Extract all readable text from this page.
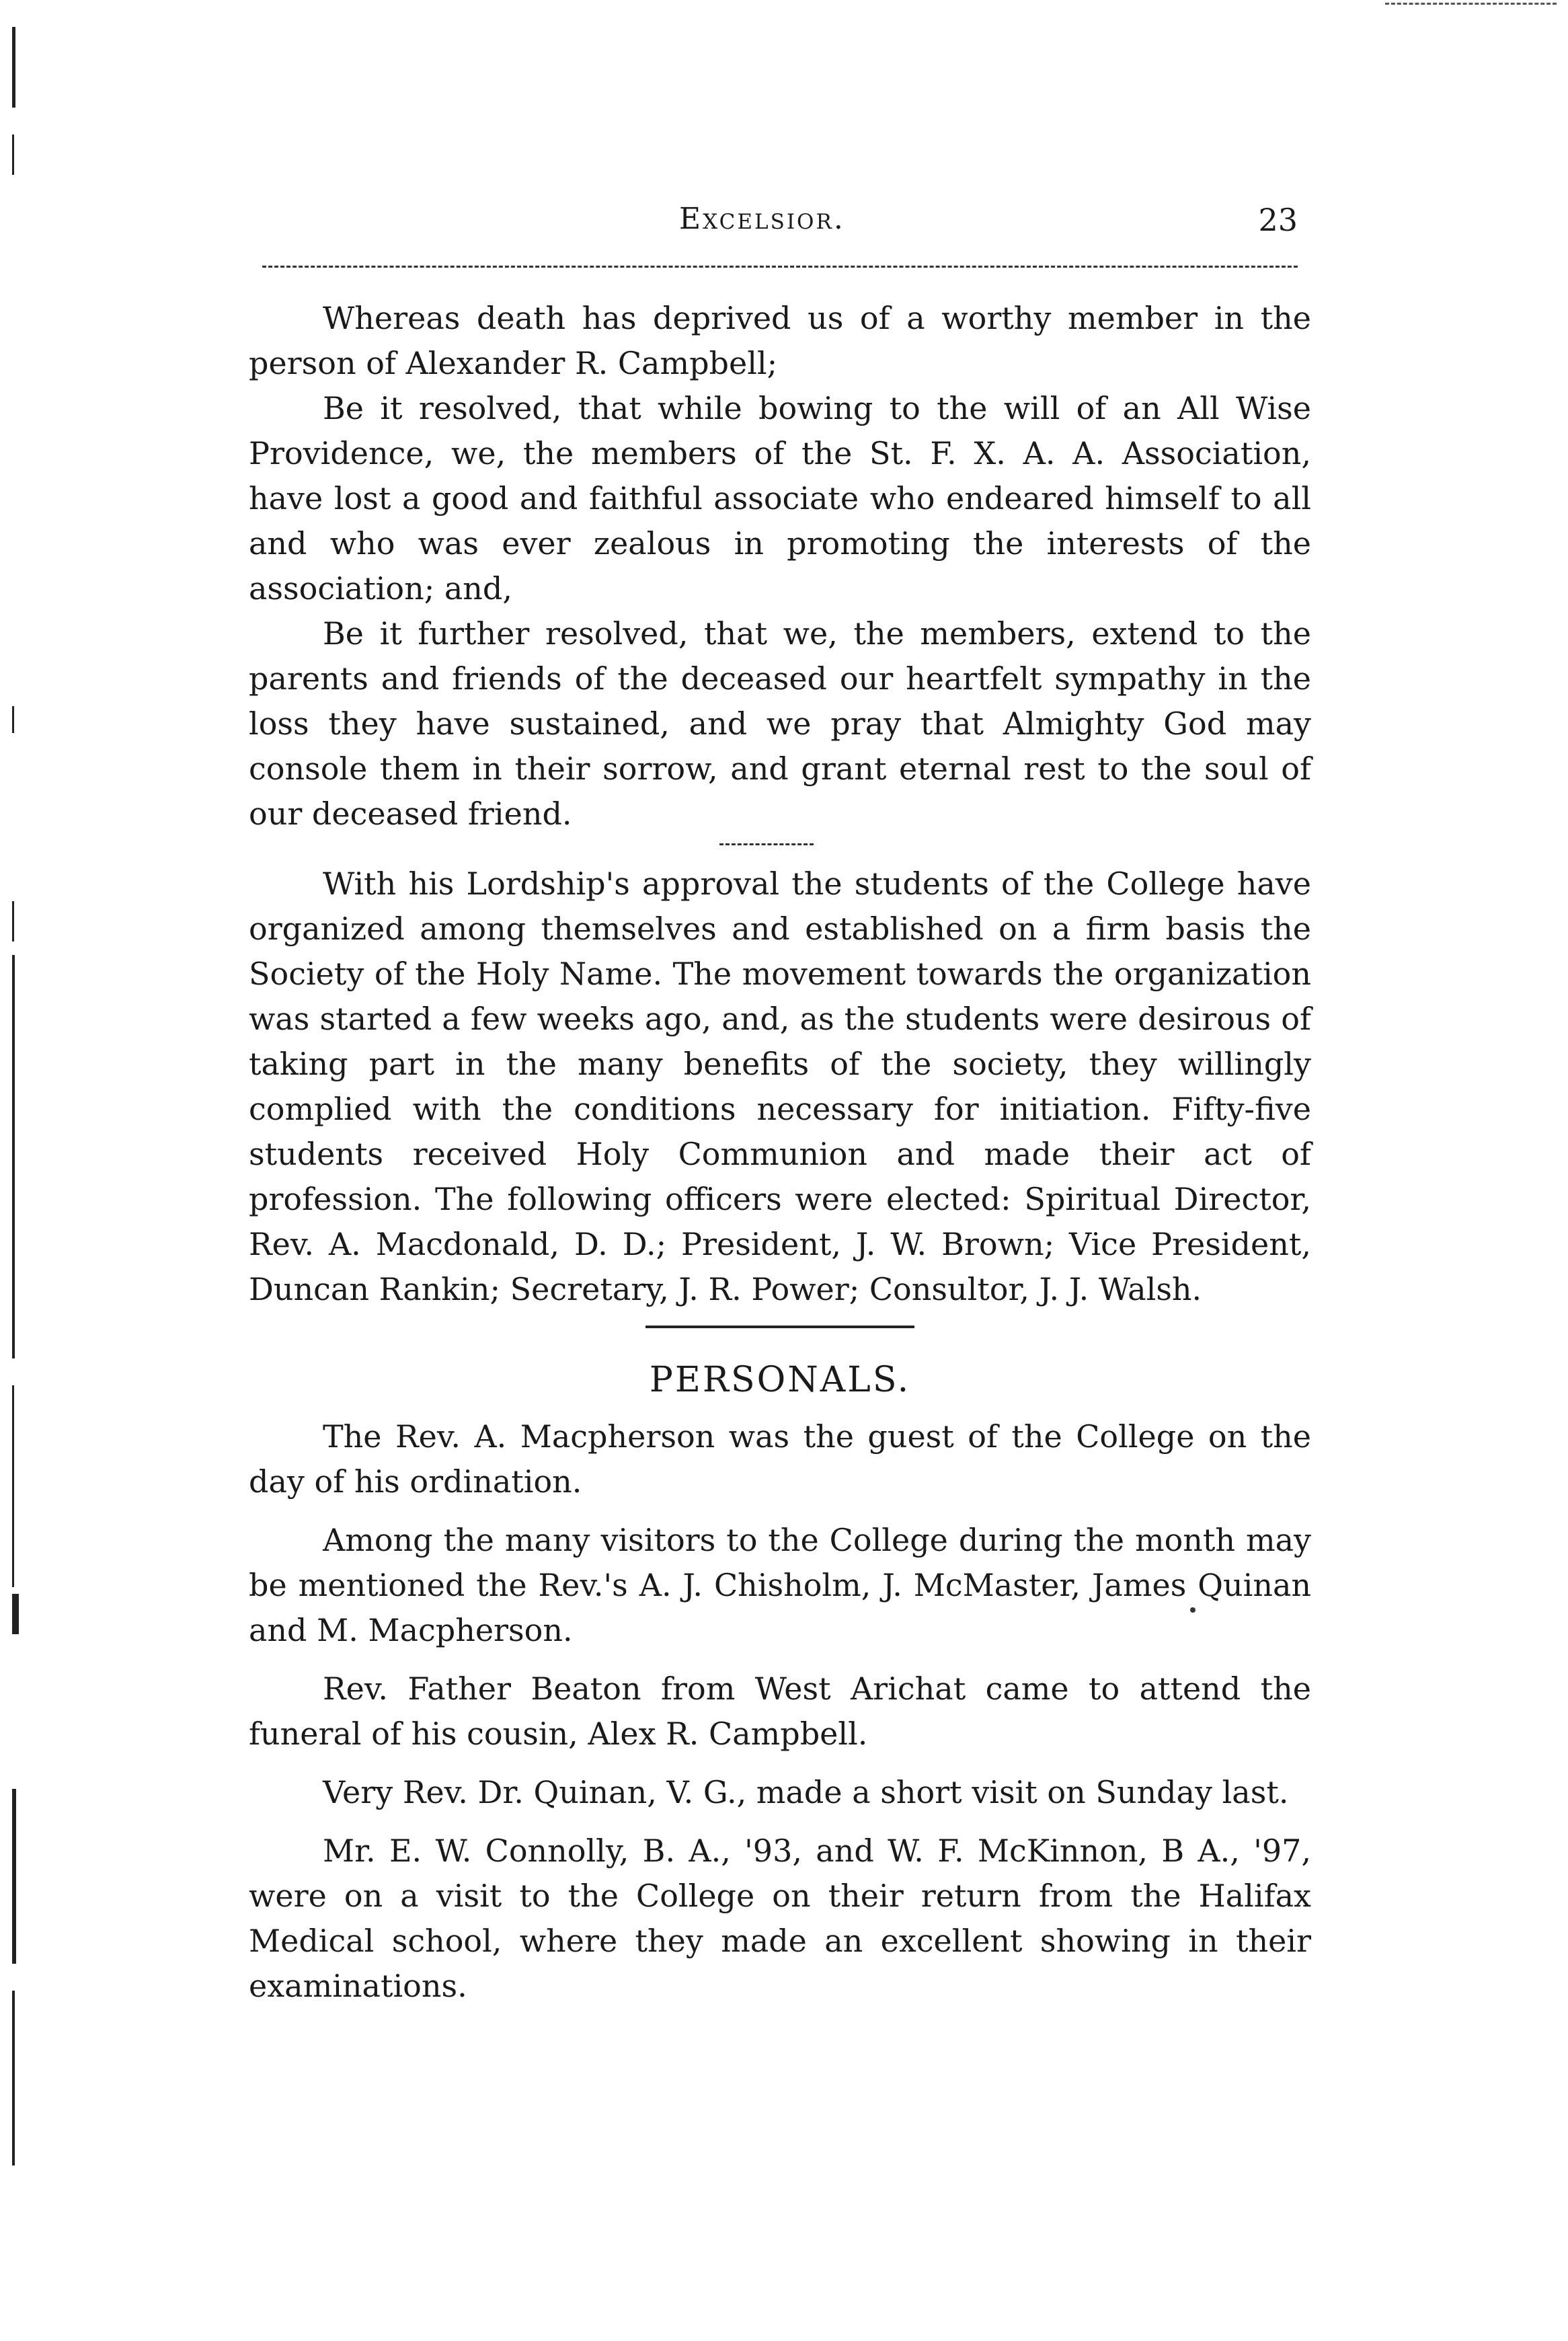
Excelsior.	23

Whereas death has deprived us of a worthy member in the person of Alexander R. Campbell;

Be it resolved, that while bowing to the will of an All Wise Providence, we, the members of the St. F. X. A. A. Association, have lost a good and faithful associate who endeared himself to all and who was ever zealous in promoting the interests of the association; and,

Be it further resolved, that we, the members, extend to the parents and friends of the deceased our heartfelt sympathy in the loss they have sustained, and we pray that Almighty God may console them in their sorrow, and grant eternal rest to the soul of our deceased friend.

With his Lordship's approval the students of the College have organized among themselves and established on a firm basis the Society of the Holy Name. The movement towards the organization was started a few weeks ago, and, as the students were desirous of taking part in the many benefits of the society, they willingly complied with the conditions necessary for initiation. Fifty-five students received Holy Communion and made their act of profession. The following officers were elected: Spiritual Director, Rev. A. Macdonald, D. D.; President, J. W. Brown; Vice President, Duncan Rankin; Secretary, J. R. Power; Consultor, J. J. Walsh.

PERSONALS.

The Rev. A. Macpherson was the guest of the College on the day of his ordination.

Among the many visitors to the College during the month may be mentioned the Rev.'s A. J. Chisholm, J. McMaster, James Quinan and M. Macpherson.

Rev. Father Beaton from West Arichat came to attend the funeral of his cousin, Alex R. Campbell.

Very Rev. Dr. Quinan, V. G., made a short visit on Sunday last.

Mr. E. W. Connolly, B. A., '93, and W. F. McKinnon, B A., '97, were on a visit to the College on their return from the Halifax Medical school, where they made an excellent showing in their examinations.
